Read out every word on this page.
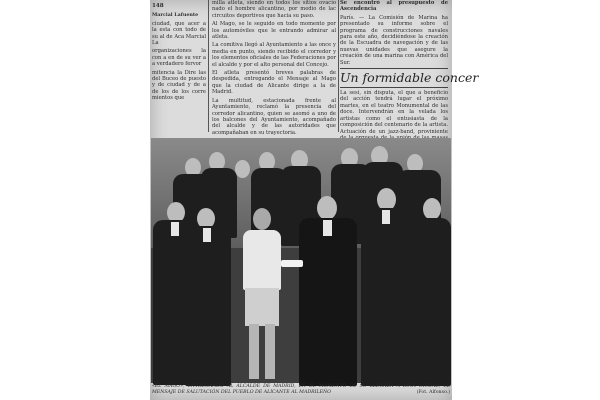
148
Marcial Lafuente

ciudad, que acer a la esta con todo de su al de Aca Marcial La

organizaciones la con a en de su ver a a verdadero fervor

mitencia la Dire las del Buceo de puesto y de ciudad y de a de los de los corre mientos que

milla atleta, siendo en todos los sitios ovacio nado el hombre alicantino, por medio de lac circuitos deportivos que hacia su paso.

Al Mago, se le seguido en todo momento por los automóviles que le entrando admirar al atleta.

La comitiva llegó al Ayuntamiento a las once y media en punto, siendo recibido el corredor y los elementos oficiales de las Federaciones por el alcalde y por el alto personal del Concejo.

El atleta presentó breves palabras de despedida, entregando el Mensaje al Mago que la ciudad de Alicante dirige a la de Madrid.

La multitud, estacionada frente al Ayuntamiento, reclamó la presencia del corredor alicantino, quien se asomó a uno de los balcones del Ayuntamiento, acompañado del alcalde y de las autoridades que acompañaban en su trayectoria.

Se encontró al presupuesto de Ascendencia

París. — La Comisión de Marina ha presentado su informe sobre el programa de construcciones navales para este año, decidiéndose la creación de la Escuadra de navegación y de las nuevas unidades que asegure la creación de una marina con América del Sur.

Un formidable concer

La sesi, sin disputa, el que a beneficio del acción tendrá lugar el próximo martes, en el teatro Monumental de las doce. Intervendrán en la velada los artistas como el entusiasta de la composición del centenario de la artista. Actuación de un jazz-band, proviniente

«EL MAGO», ENTREGANDO AL ALCALDE DE MADRID, EN EL MOMENTO DE SU LLEGADA A ESTA CIUDAD, EL MENSAJE DE SALUTACIÓN DEL PUEBLO DE ALICANTE AL MADRILEÑO	(Fot. Alfonso.)
